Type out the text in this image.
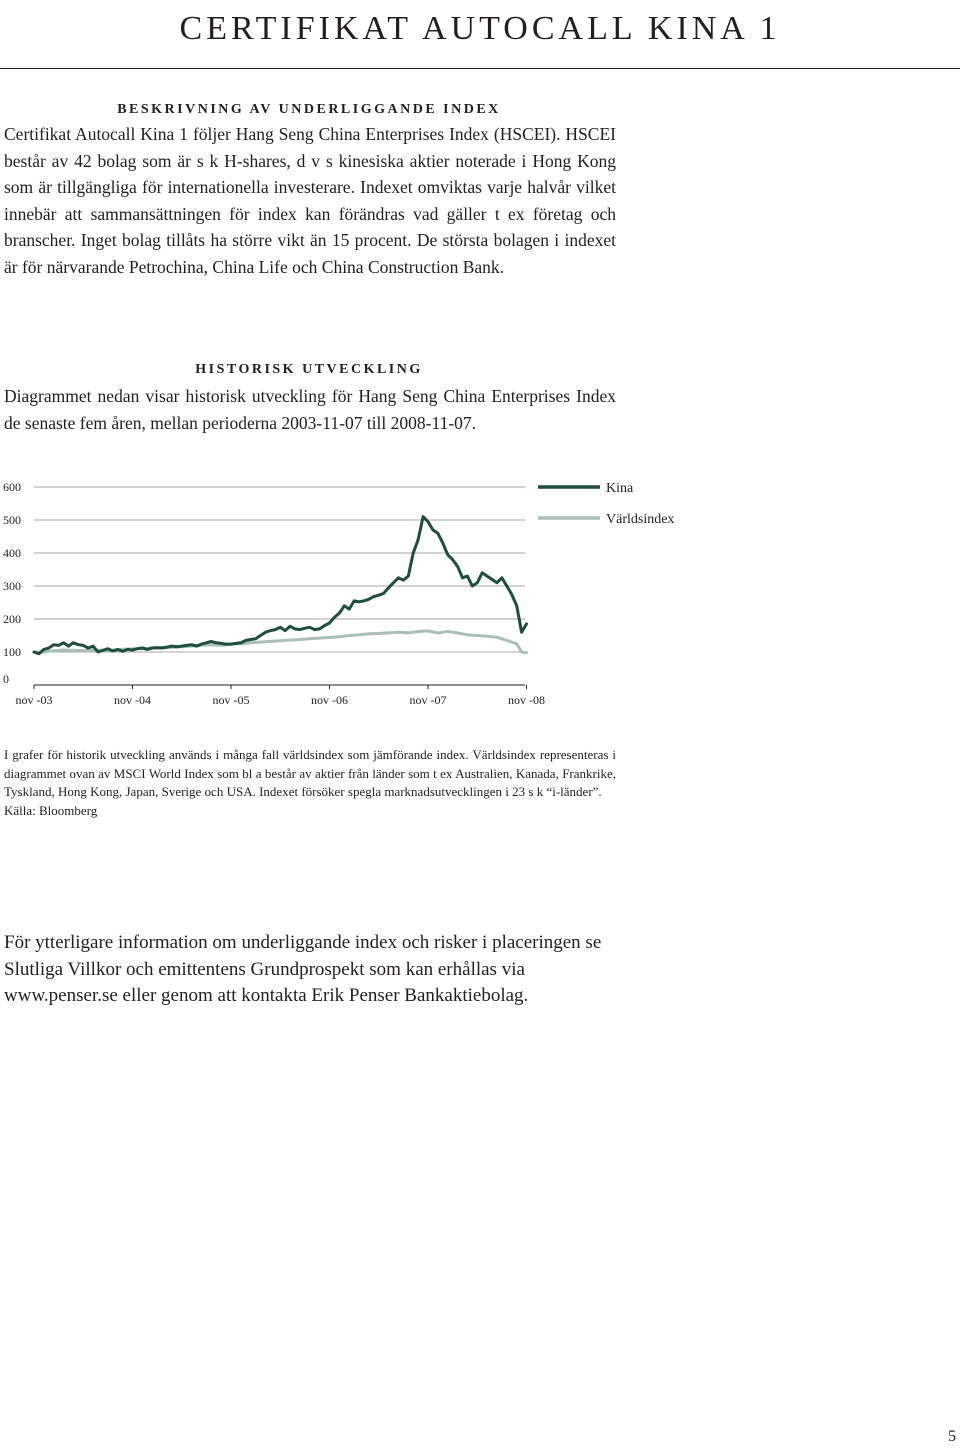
CERTIFIKAT AUTOCALL KINA 1
BESKRIVNING AV UNDERLIGGANDE INDEX

Certifikat Autocall Kina 1 följer Hang Seng China Enterprises Index (HSCEI). HSCEI består av 42 bolag som är s k H-shares, d v s kinesiska aktier noterade i Hong Kong som är tillgängliga för internationella investerare. Indexet omviktas varje halvår vilket innebär att sammansättningen för index kan förändras vad gäller t ex företag och branscher. Inget bolag tillåts ha större vikt än 15 procent. De största bolagen i indexet är för närvarande Petrochina, China Life och China Construction Bank.

HISTORISK UTVECKLING

Diagrammet nedan visar historisk utveckling för Hang Seng China Enterprises Index de senaste fem åren, mellan perioderna 2003-11-07 till 2008-11-07.

0
100
200
300
400
500
600
nov -03	nov -04	nov -05	nov -06	nov -07	nov -08
Kina
Världsindex

I grafer för historik utveckling används i många fall världsindex som jämförande index. Världsindex representeras i diagrammet ovan av MSCI World Index som bl a består av aktier från länder som t ex Australien, Kanada, Frankrike, Tyskland, Hong Kong, Japan, Sverige och USA. Indexet försöker spegla marknadsutvecklingen i 23 s k “i-länder”.

Källa: Bloomberg

För ytterligare information om underliggande index och risker i placeringen se Slutliga Villkor och emittentens Grundprospekt som kan erhållas via www.penser.se eller genom att kontakta Erik Penser Bankaktiebolag.

5
